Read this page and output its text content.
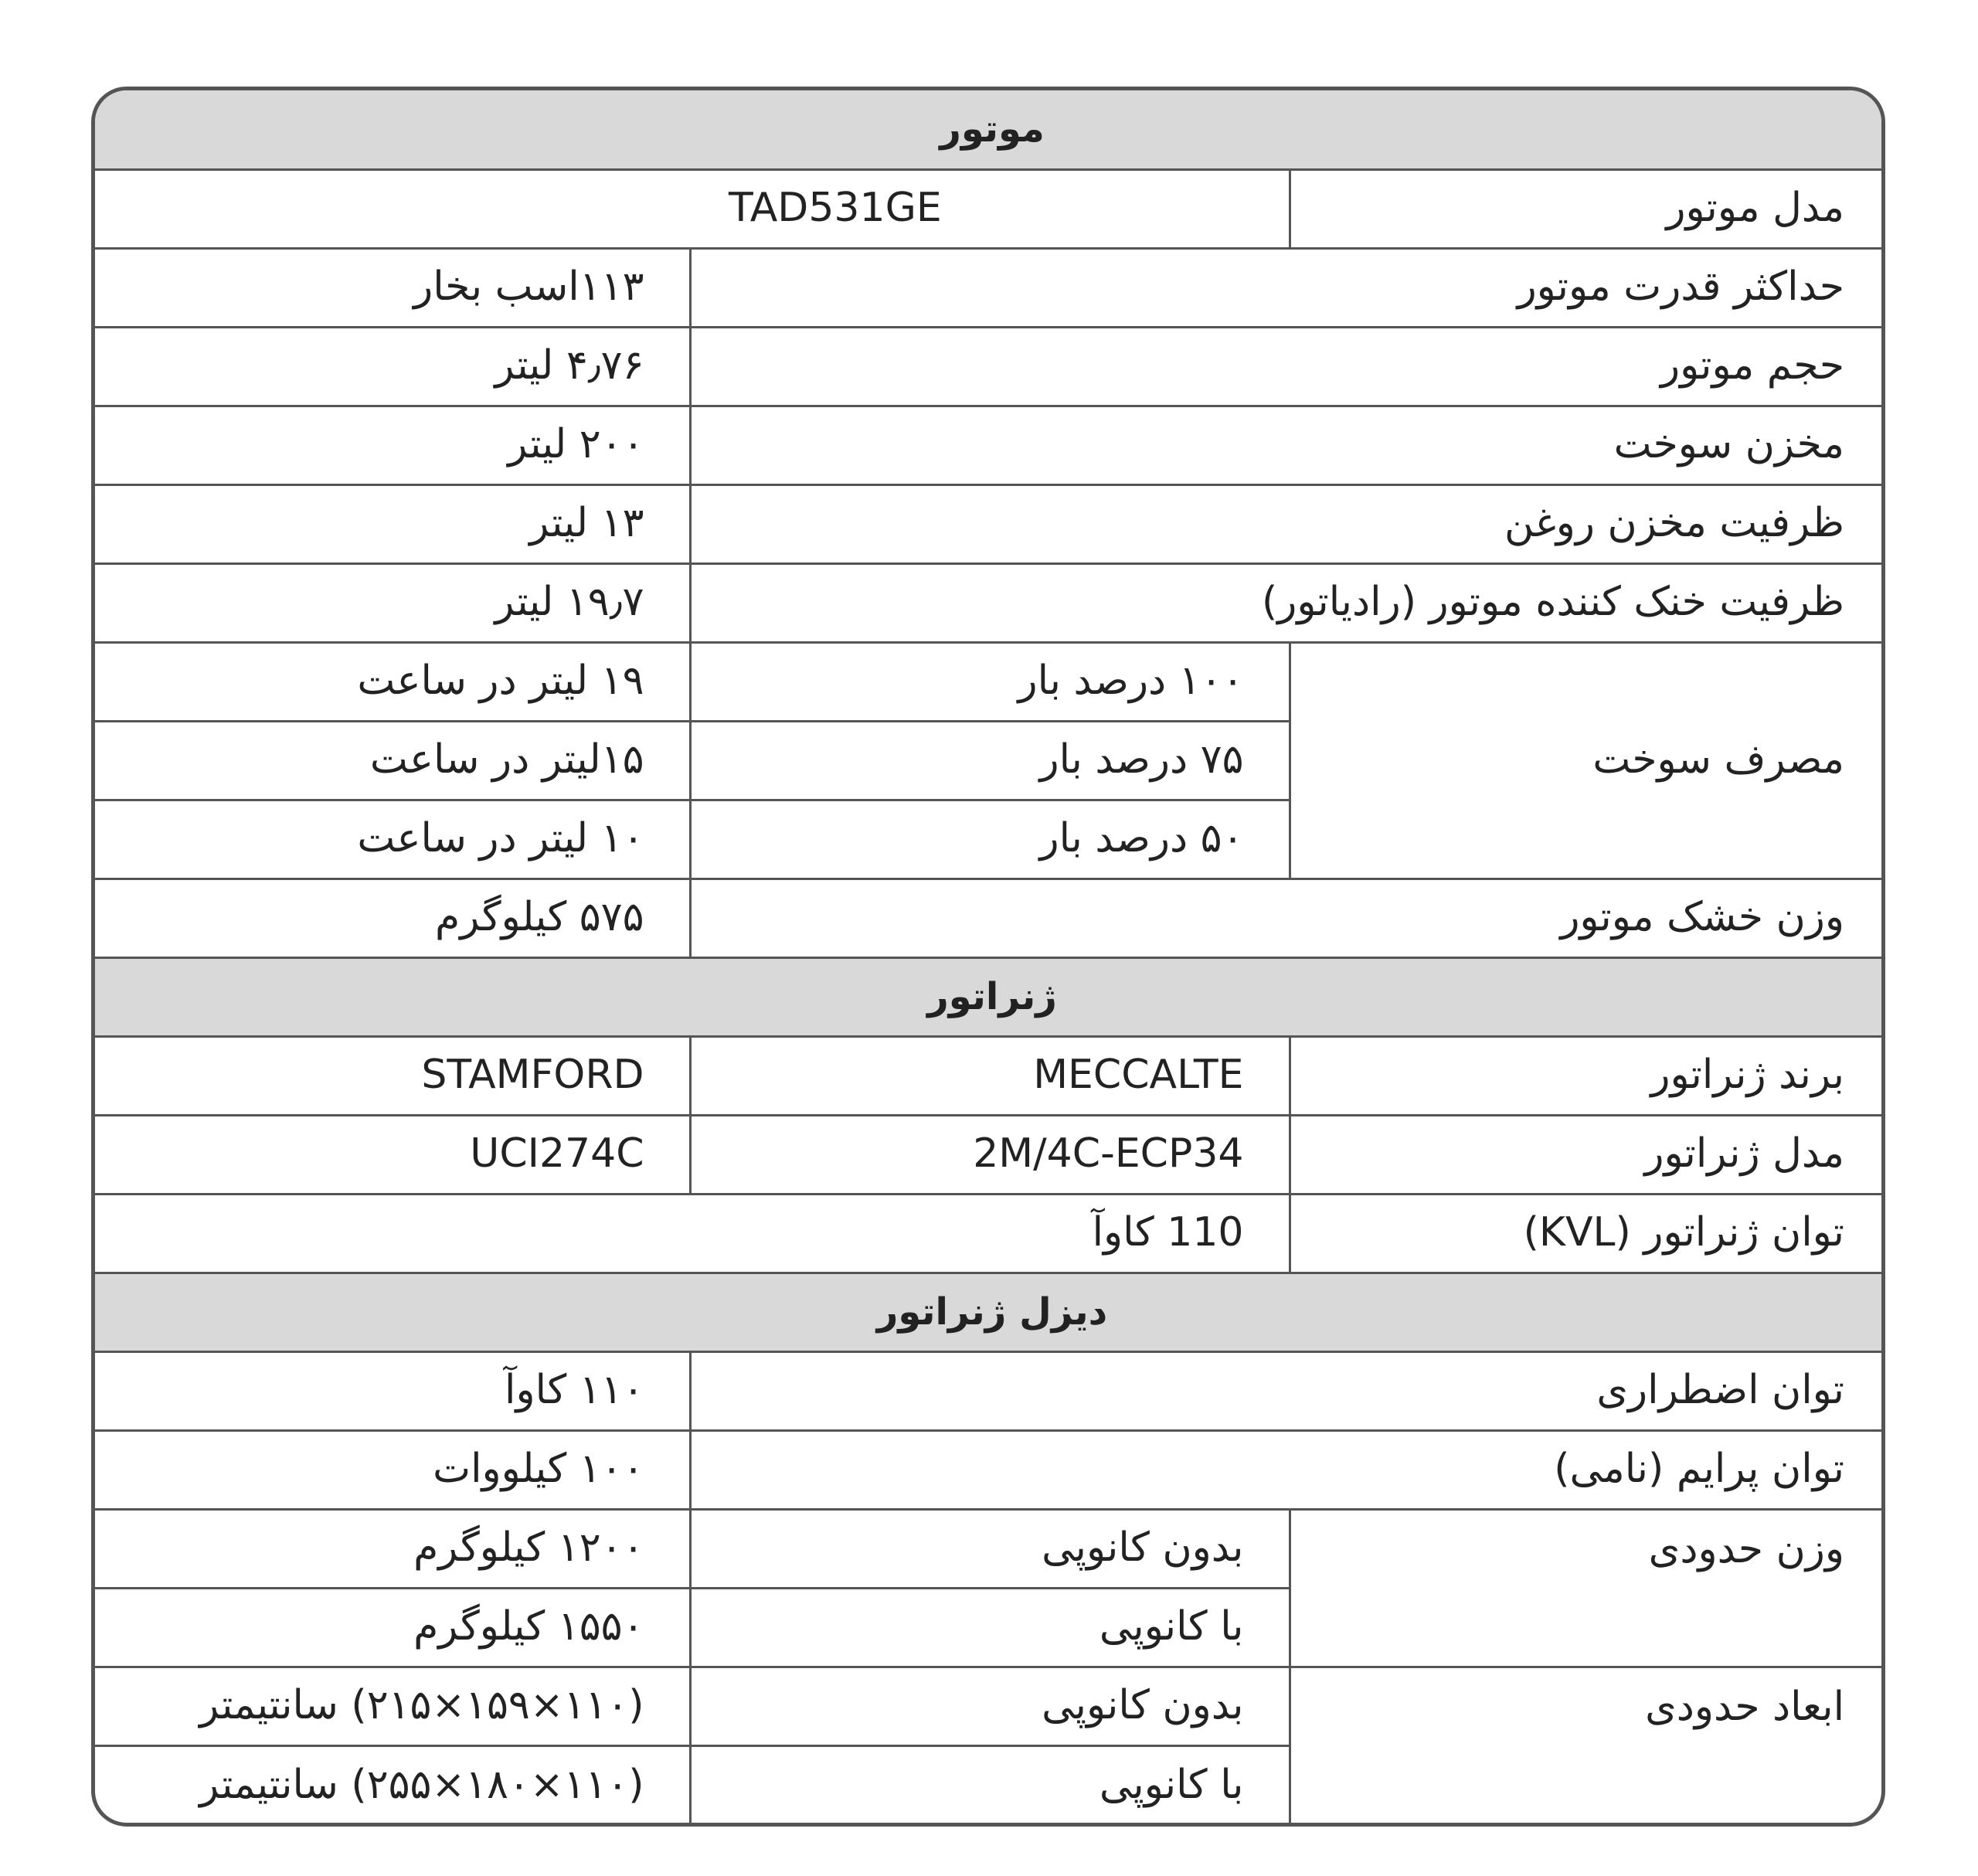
موتور		
مدل موتور	TAD531GE	
حداکثر قدرت موتور		۱۱۳اسب بخار
حجم موتور		۴٫۷۶ لیتر
مخزن سوخت		۲۰۰ لیتر
ظرفیت مخزن روغن		۱۳ لیتر
ظرفیت خنک کننده موتور (رادیاتور)		۱۹٫۷ لیتر
مصرف سوخت	۱۰۰ درصد بار	۱۹ لیتر در ساعت
	۷۵ درصد بار	۱۵لیتر در ساعت
	۵۰ درصد بار	۱۰ لیتر در ساعت
وزن خشک موتور		۵۷۵ کیلوگرم
ژنراتور		
برند ژنراتور	MECCALTE	STAMFORD
مدل ژنراتور	2M/4C-ECP34	UCI274C
توان ژنراتور (KVL)	110 کاوآ	
دیزل ژنراتور		
توان اضطراری		۱۱۰ کاوآ
توان پرایم (نامی)		۱۰۰ کیلووات
وزن حدودی	بدون کانوپی	۱۲۰۰ کیلوگرم
	با کانوپی	۱۵۵۰ کیلوگرم
ابعاد حدودی	بدون کانوپی	(۱۱۰×۱۵۹×۲۱۵) سانتیمتر
	با کانوپی	(۱۱۰×۱۸۰×۲۵۵) سانتیمتر
